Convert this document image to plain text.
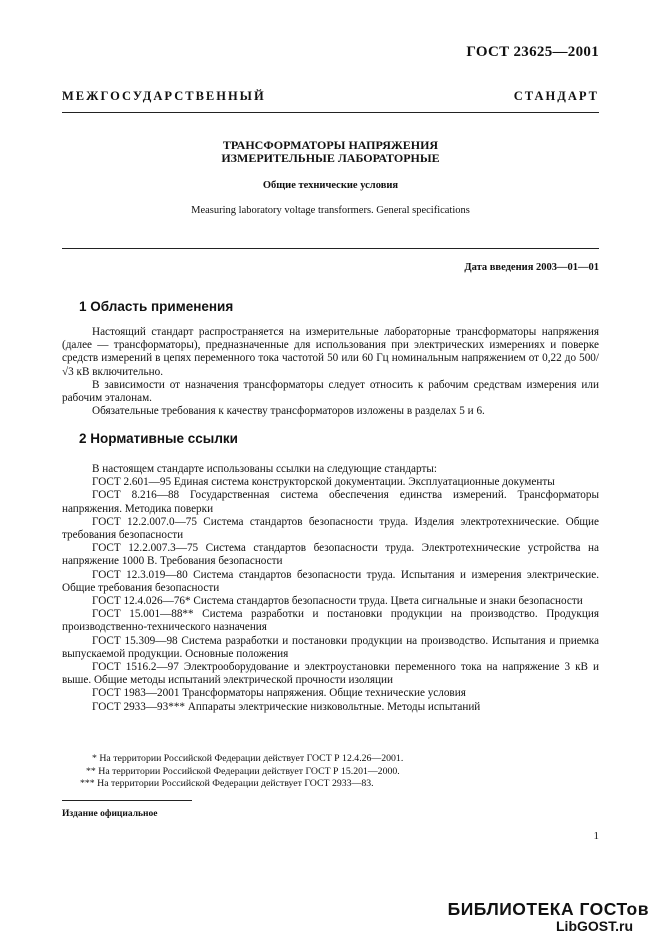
ГОСТ 23625—2001
МЕЖГОСУДАРСТВЕННЫЙ СТАНДАРТ
ТРАНСФОРМАТОРЫ НАПРЯЖЕНИЯ
ИЗМЕРИТЕЛЬНЫЕ ЛАБОРАТОРНЫЕ
Общие технические условия
Measuring laboratory voltage transformers. General specifications
Дата введения 2003—01—01
1 Область применения

Настоящий стандарт распространяется на измерительные лабораторные трансформаторы напряжения (далее — трансформаторы), предназначенные для использования при электрических измерениях и поверке средств измерений в цепях переменного тока частотой 50 или 60 Гц номинальным напряжением от 0,22 до 500/√3 кВ включительно.

В зависимости от назначения трансформаторы следует относить к рабочим средствам измерения или рабочим эталонам.

Обязательные требования к качеству трансформаторов изложены в разделах 5 и 6.

2 Нормативные ссылки

В настоящем стандарте использованы ссылки на следующие стандарты:

ГОСТ 2.601—95 Единая система конструкторской документации. Эксплуатационные документы

ГОСТ 8.216—88 Государственная система обеспечения единства измерений. Трансформаторы напряжения. Методика поверки

ГОСТ 12.2.007.0—75 Система стандартов безопасности труда. Изделия электротехнические. Общие требования безопасности

ГОСТ 12.2.007.3—75 Система стандартов безопасности труда. Электротехнические устройства на напряжение 1000 В. Требования безопасности

ГОСТ 12.3.019—80 Система стандартов безопасности труда. Испытания и измерения электрические. Общие требования безопасности

ГОСТ 12.4.026—76* Система стандартов безопасности труда. Цвета сигнальные и знаки безопасности

ГОСТ 15.001—88** Система разработки и постановки продукции на производство. Продукция производственно-технического назначения

ГОСТ 15.309—98 Система разработки и постановки продукции на производство. Испытания и приемка выпускаемой продукции. Основные положения

ГОСТ 1516.2—97 Электрооборудование и электроустановки переменного тока на напряжение 3 кВ и выше. Общие методы испытаний электрической прочности изоляции

ГОСТ 1983—2001 Трансформаторы напряжения. Общие технические условия

ГОСТ 2933—93*** Аппараты электрические низковольтные. Методы испытаний

* На территории Российской Федерации действует ГОСТ Р 12.4.26—2001.
** На территории Российской Федерации действует ГОСТ Р 15.201—2000.
*** На территории Российской Федерации действует ГОСТ 2933—83.
Издание официальное
1
БИБЛИОТЕКА ГОСТов
LibGOST.ru
